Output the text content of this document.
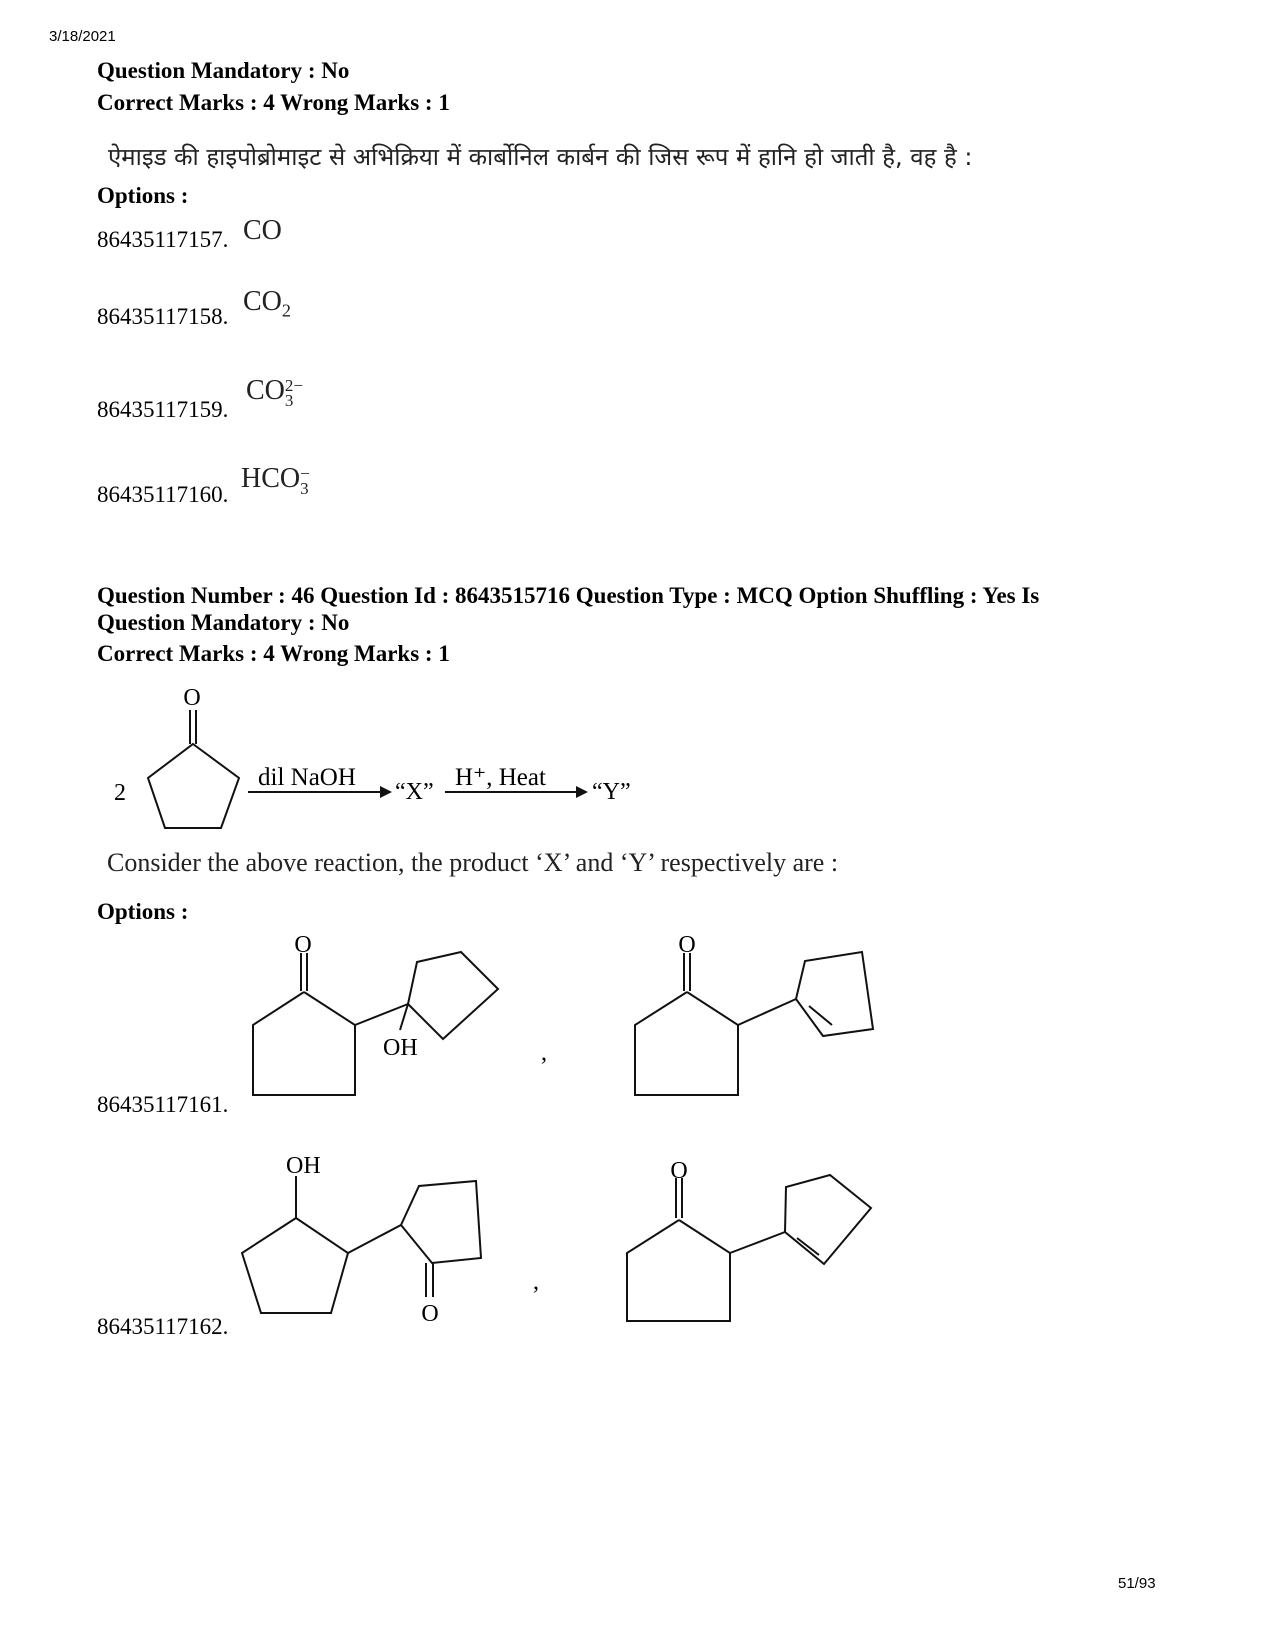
3/18/2021
Question Mandatory : No
Correct Marks : 4 Wrong Marks : 1
ऐमाइड की हाइपोब्रोमाइट से अभिक्रिया में कार्बोनिल कार्बन की जिस रूप में हानि हो जाती है, वह है :
Options :
86435117157. CO
86435117158. $CO_2$
86435117159.
CO 2−
3
86435117160.
HCO −
3
Question Number : 46 Question Id : 8643515716 Question Type : MCQ Option Shuffling : Yes Is
Question Mandatory : No
Correct Marks : 4 Wrong Marks : 1
2
O
dil NaOH
“X”
H⁺, Heat
“Y”
Consider the above reaction, the product ‘X’ and ‘Y’ respectively are :
Options :
O
OH
O
,
86435117161.
OH
O
O
,
86435117162.
51/93
